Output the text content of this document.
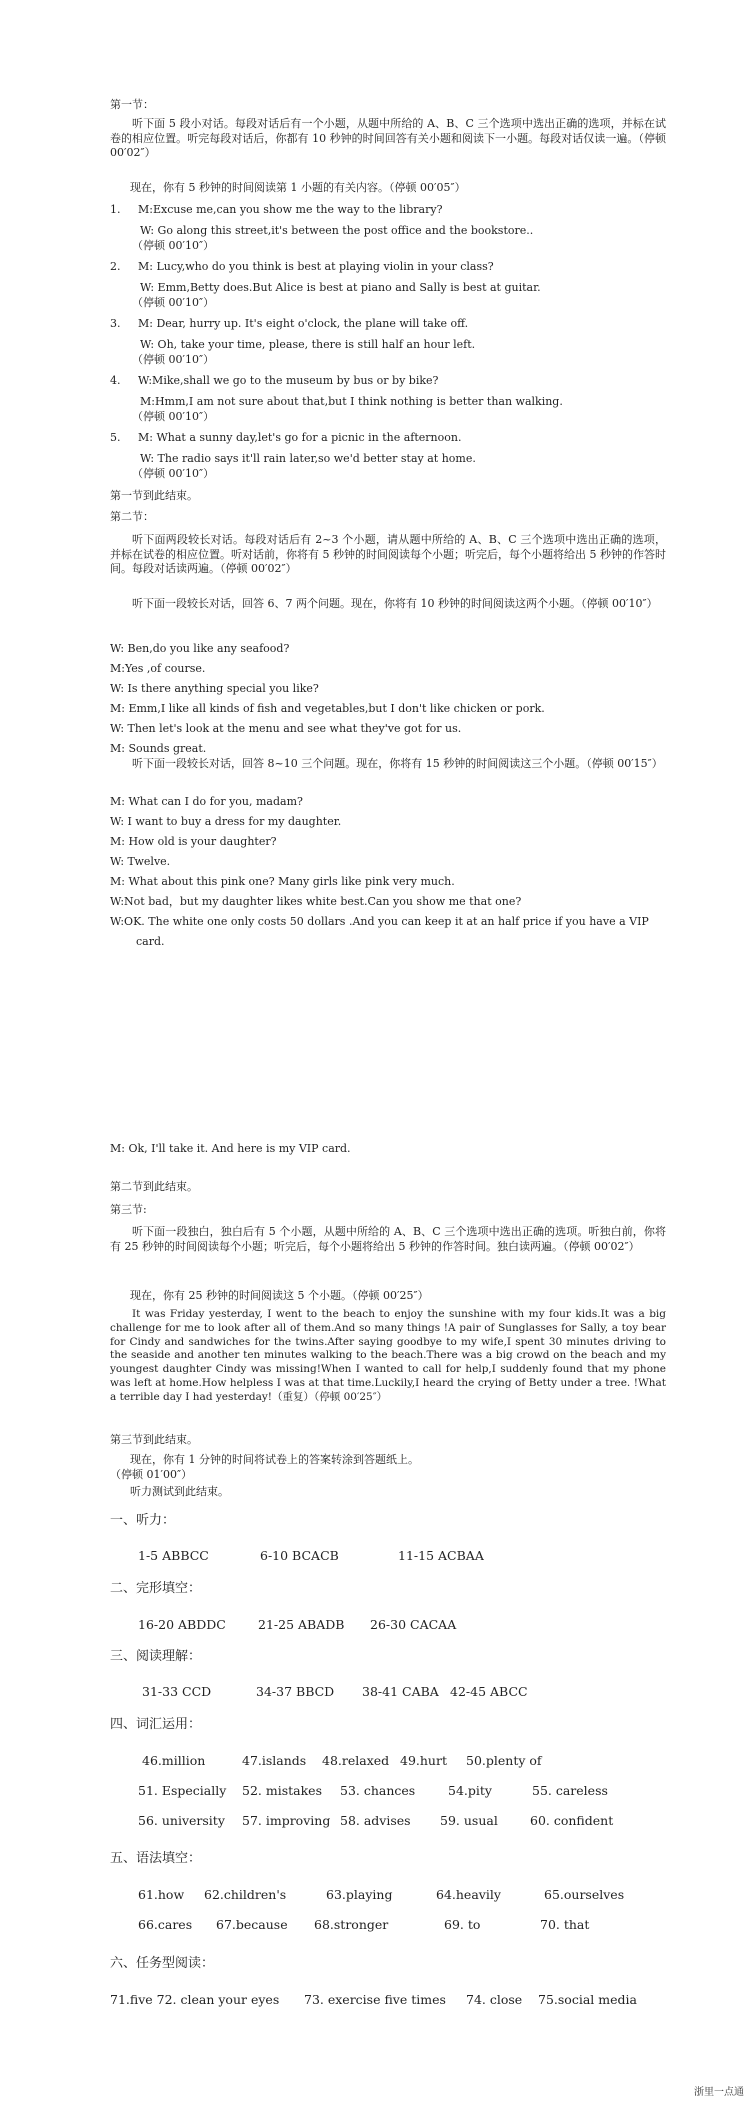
第一节：
听下面 5 段小对话。每段对话后有一个小题，从题中所给的 A、B、C 三个选项中选出正确的选项，并标在试卷的相应位置。听完每段对话后，你都有 10 秒钟的时间回答有关小题和阅读下一小题。每段对话仅读一遍。（停顿 00′02″）
现在，你有 5 秒钟的时间阅读第 1 小题的有关内容。（停顿 00′05″）
1. M:Excuse me,can you show me the way to the library?
W: Go along this street,it's between the post office and the bookstore..
（停顿 00′10″）
2. M: Lucy,who do you think is best at playing violin in your class?
W: Emm,Betty does.But Alice is best at piano and Sally is best at guitar.
（停顿 00′10″）
3. M: Dear, hurry up. It's eight o'clock, the plane will take off.
W: Oh, take your time, please, there is still half an hour left.
（停顿 00′10″）
4. W:Mike,shall we go to the museum by bus or by bike?
M:Hmm,I am not sure about that,but I think nothing is better than walking.
（停顿 00′10″）
5. M: What a sunny day,let's go for a picnic in the afternoon.
W: The radio says it'll rain later,so we'd better stay at home.
（停顿 00′10″）
第一节到此结束。
第二节：
听下面两段较长对话。每段对话后有 2~3 个小题，请从题中所给的 A、B、C 三个选项中选出正确的选项，并标在试卷的相应位置。听对话前，你将有 5 秒钟的时间阅读每个小题；听完后，每个小题将给出 5 秒钟的作答时间。每段对话读两遍。（停顿 00′02″）
听下面一段较长对话，回答 6、7 两个问题。现在，你将有 10 秒钟的时间阅读这两个小题。（停顿 00′10″）
W: Ben,do you like any seafood?
M:Yes ,of course.
W: Is there anything special you like?
M: Emm,I like all kinds of fish and vegetables,but I don't like chicken or pork.
W: Then let's look at the menu and see what they've got for us.
M: Sounds great.
听下面一段较长对话，回答 8~10 三个问题。现在，你将有 15 秒钟的时间阅读这三个小题。（停顿 00′15″）
M: What can I do for you, madam?
W: I want to buy a dress for my daughter.
M: How old is your daughter?
W: Twelve.
M: What about this pink one? Many girls like pink very much.
W:Not bad，but my daughter likes white best.Can you show me that one?
W:OK. The white one only costs 50 dollars .And you can keep it at an half price if you have a VIP
card.
M: Ok, I'll take it. And here is my VIP card.
第二节到此结束。
第三节:
听下面一段独白，独白后有 5 个小题，从题中所给的 A、B、C 三个选项中选出正确的选项。听独白前，你将有 25 秒钟的时间阅读每个小题；听完后，每个小题将给出 5 秒钟的作答时间。独白读两遍。（停顿 00′02″）
现在，你有 25 秒钟的时间阅读这 5 个小题。（停顿 00′25″）
It was Friday yesterday, I went to the beach to enjoy the sunshine with my four kids.It was a big challenge for me to look after all of them.And so many things !A pair of Sunglasses for Sally, a toy bear for Cindy and sandwiches for the twins.After saying goodbye to my wife,I spent 30 minutes driving to the seaside and another ten minutes walking to the beach.There was a big crowd on the beach and my youngest daughter Cindy was missing!When I wanted to call for help,I suddenly found that my phone was left at home.How helpless I was at that time.Luckily,I heard the crying of Betty under a tree. !What a terrible day I had yesterday!（重复）（停顿 00′25″）
第三节到此结束。
现在，你有 1 分钟的时间将试卷上的答案转涂到答题纸上。
（停顿 01′00″）
听力测试到此结束。
一、听力：
1-5 ABBCC	6-10 BCACB	11-15 ACBAA
二、完形填空：
16-20 ABDDC	21-25 ABADB 26-30 CACAA
三、阅读理解：
31-33 CCD	34-37 BBCD 38-41 CABA 42-45 ABCC
四、词汇运用：
46.million	47.islands 48.relaxed 49.hurt 50.plenty of
51. Especially 52. mistakes 53. chances	54.pity	55. careless
56. university 57. improving 58. advises 59. usual	60. confident
五、语法填空：
61.how 62.children's	63.playing	64.heavily	65.ourselves
66.cares 67.because 68.stronger	69. to	70. that
六、任务型阅读：
71.five 72. clean your eyes 73. exercise five times 74. close 75.social media
浙里一点通
